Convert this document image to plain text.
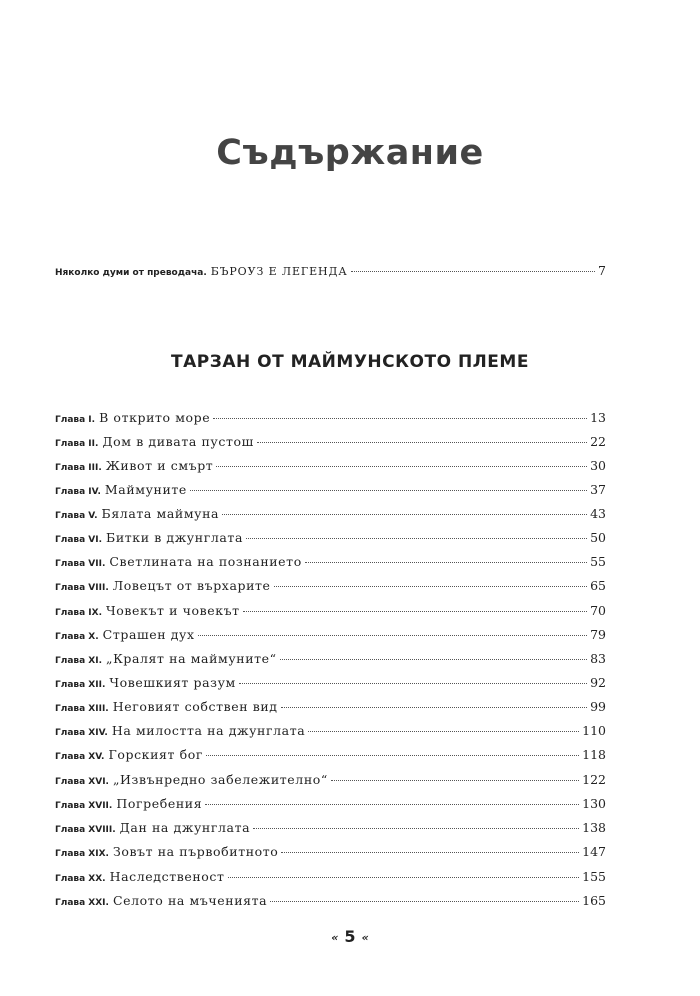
Съдържание
Няколко думи от преводача. БЪРОУЗ Е ЛЕГЕНДА	7
ТАРЗАН ОТ МАЙМУНСКОТО ПЛЕМЕ
Глава I. В открито море	13
Глава II. Дом в дивата пустош	22
Глава III. Живот и смърт	30
Глава IV. Маймуните	37
Глава V. Бялата маймуна	43
Глава VI. Битки в джунглата	50
Глава VII. Светлината на познанието	55
Глава VIII. Ловецът от върхарите	65
Глава IX. Човекът и човекът	70
Глава X. Страшен дух	79
Глава XI. „Кралят на маймуните“	83
Глава XII. Човешкият разум	92
Глава XIII. Неговият собствен вид	99
Глава XIV. На милостта на джунглата	110
Глава XV. Горският бог	118
Глава XVI. „Извънредно забележително“	122
Глава XVII. Погребения	130
Глава XVIII. Дан на джунглата	138
Глава XIX. Зовът на първобитното	147
Глава XX. Наследственост	155
Глава XXI. Селото на мъченията	165
« 5 «
